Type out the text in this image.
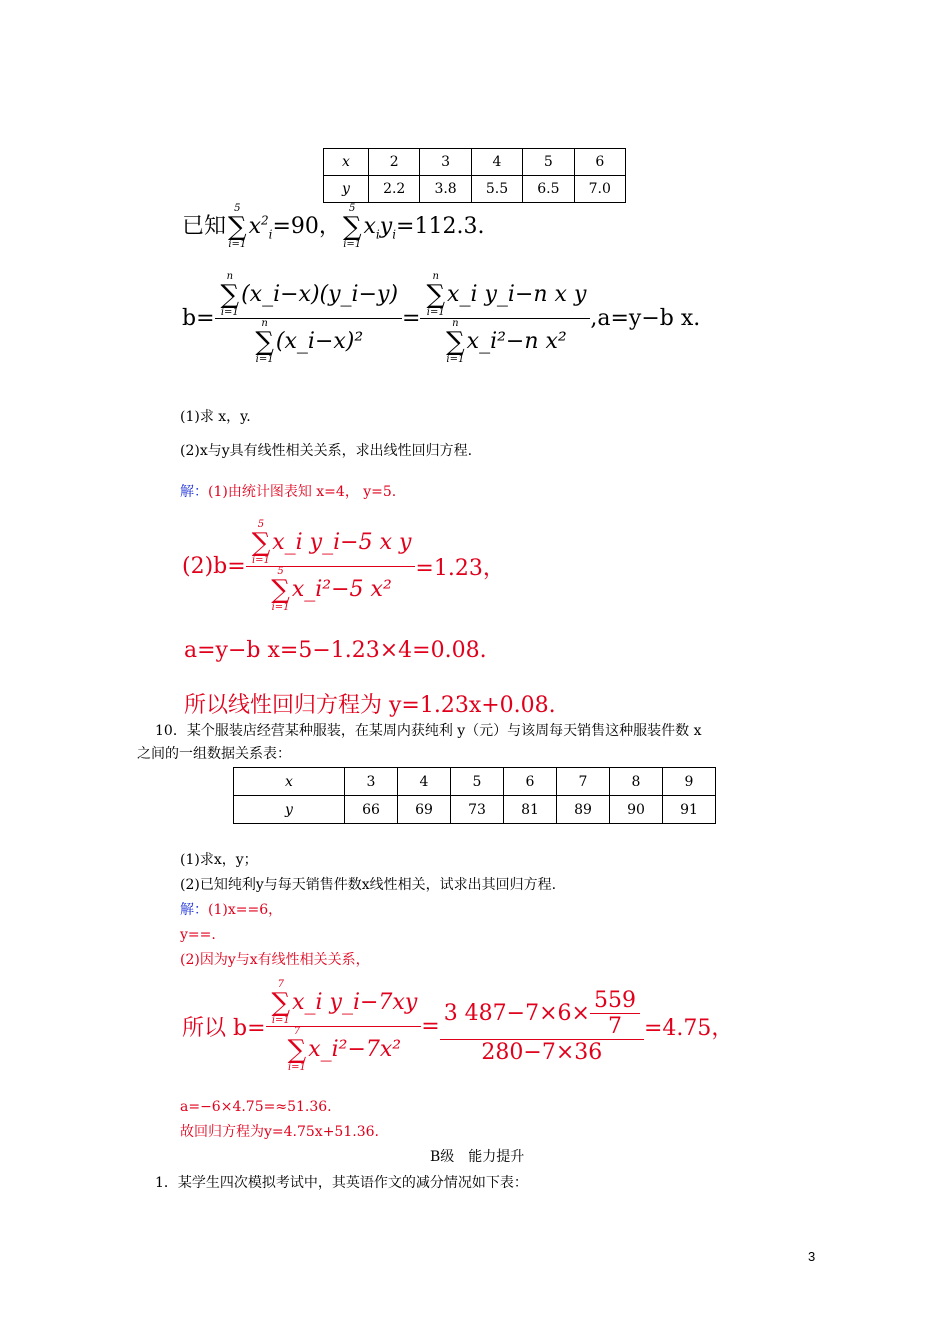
x	2	3	4	5	6
y	2.2	3.8	5.5	6.5	7.0
已知
5
∑
i=1
$x^2_i=90$，
5
∑
i=1
$x_iy_i=112.3$.
b= n
∑
i=1
(x_i−x)(y_i−y)
n
∑
i=1
(x_i−x)² = n
∑
i=1
x_i y_i−n x y
n
∑
i=1
x_i²−n x² ,a=y−b x.
(1)求 x，y.
(2)x与y具有线性相关关系，求出线性回归方程.
解：(1)由统计图表知 x=4， y=5.
(2)b= 5
∑
i=1
x_i y_i−5 x y
5
∑
i=1
x_i²−5 x² =1.23，
a=y−b x=5−1.23×4=0.08.
所以线性回归方程为 y=1.23x+0.08.
10．某个服装店经营某种服装，在某周内获纯利 y（元）与该周每天销售这种服装件数 x
之间的一组数据关系表：
x	3	4	5	6	7	8	9
y	66	69	73	81	89	90	91
(1)求x，y；
(2)已知纯利y与每天销售件数x线性相关，试求出其回归方程.
解：(1)x==6，
y==.
(2)因为y与x有线性相关关系，
所以 b= 7
∑
i=1
x_i y_i−7xy
7
∑
i=1
x_i²−7x² = $\frac{3 487-7\times 6\times \frac{559}{7}}{280-7\times 36} =4.75$，
a=−6×4.75=≈51.36.
故回归方程为y=4.75x+51.36.
B级　能力提升
1．某学生四次模拟考试中，其英语作文的减分情况如下表：
3
